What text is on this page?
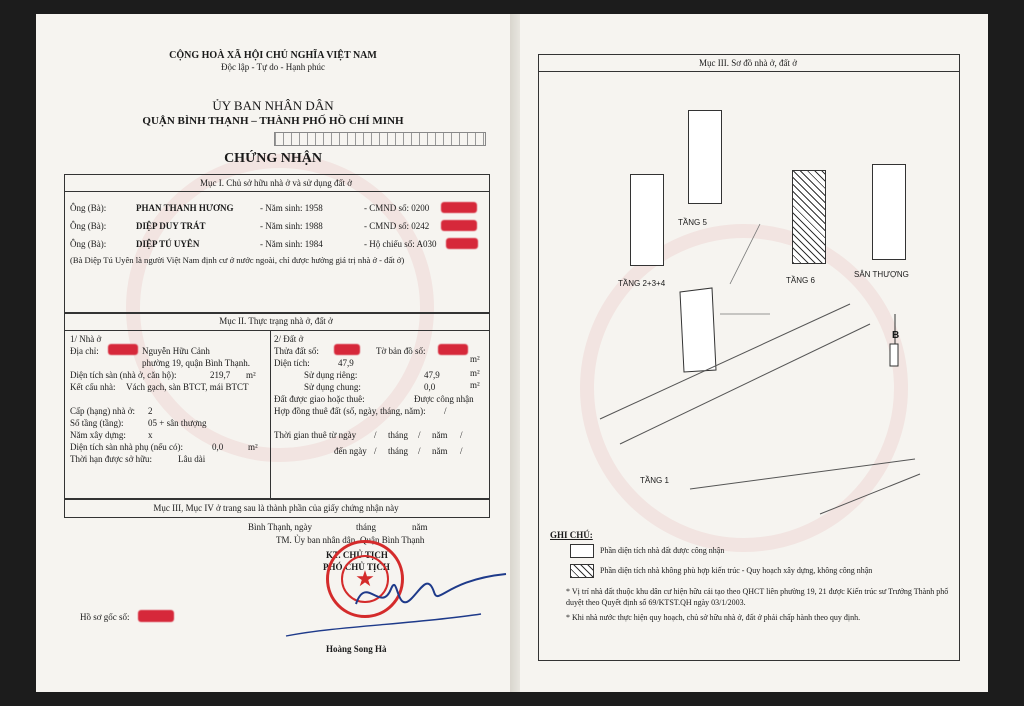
CỘNG HOÀ XÃ HỘI CHỦ NGHĨA VIỆT NAM
Độc lập - Tự do - Hạnh phúc
ỦY BAN NHÂN DÂN
QUẬN BÌNH THẠNH – THÀNH PHỐ HỒ CHÍ MINH
CHỨNG NHẬN
Mục I. Chủ sở hữu nhà ở và sử dụng đất ở
Ông (Bà):	PHAN THANH HƯƠNG	- Năm sinh: 1958	- CMND số: 0200
Ông (Bà):	DIỆP DUY TRÁT	- Năm sinh: 1988	- CMND số: 0242
Ông (Bà):	DIỆP TÚ UYÊN	- Năm sinh: 1984	- Hộ chiếu số: A030
(Bà Diệp Tú Uyên là người Việt Nam định cư ở nước ngoài, chỉ được hưởng giá trị nhà ở - đất ở)
Mục II. Thực trạng nhà ở, đất ở
1/ Nhà ở
Địa chỉ:	Nguyễn Hữu Cảnh
phường 19, quận Bình Thạnh.
Diện tích sàn (nhà ở, căn hộ):	219,7 m²
Kết cấu nhà: Vách gạch, sàn BTCT, mái BTCT
Cấp (hạng) nhà ở: 2
Số tầng (tầng):	05 + sân thượng
Năm xây dựng: x
Diện tích sàn nhà phụ (nếu có):	0,0	m²
Thời hạn được sở hữu:	Lâu dài
2/ Đất ở
Thửa đất số:	Tờ bản đồ số:
Diện tích:	47,9	m²
Sử dụng riêng:	47,9	m²
Sử dụng chung:	0,0	m²
Đất được giao hoặc thuê:	Được công nhận
Hợp đồng thuê đất (số, ngày, tháng, năm): /
Thời gian thuê từ ngày / tháng / năm /
đến ngày / tháng / năm /
Mục III, Mục IV ở trang sau là thành phần của giấy chứng nhận này
Bình Thạnh , ngày	tháng	năm
TM. Ủy ban nhân dân Quận Bình Thạnh
KT. CHỦ TỊCH
PHÓ CHỦ TỊCH
★
Hoàng Song Hà
Hồ sơ gốc số:
Mục III. Sơ đồ nhà ở, đất ở
TẦNG 2+3+4
TẦNG 5
TẦNG 6
SÂN THƯỢNG
TẦNG 1
B
GHI CHÚ:
Phần diện tích nhà đất được công nhận
Phần diện tích nhà không phù hợp kiến trúc - Quy hoạch xây dựng, không công nhận
* Vị trí nhà đất thuộc khu dân cư hiện hữu cải tạo theo QHCT liên phường 19, 21 được Kiến trúc sư Trưởng Thành phố duyệt theo Quyết định số 69/KTST.QH ngày 03/1/2003.
* Khi nhà nước thực hiện quy hoạch, chủ sở hữu nhà ở, đất ở phải chấp hành theo quy định.
